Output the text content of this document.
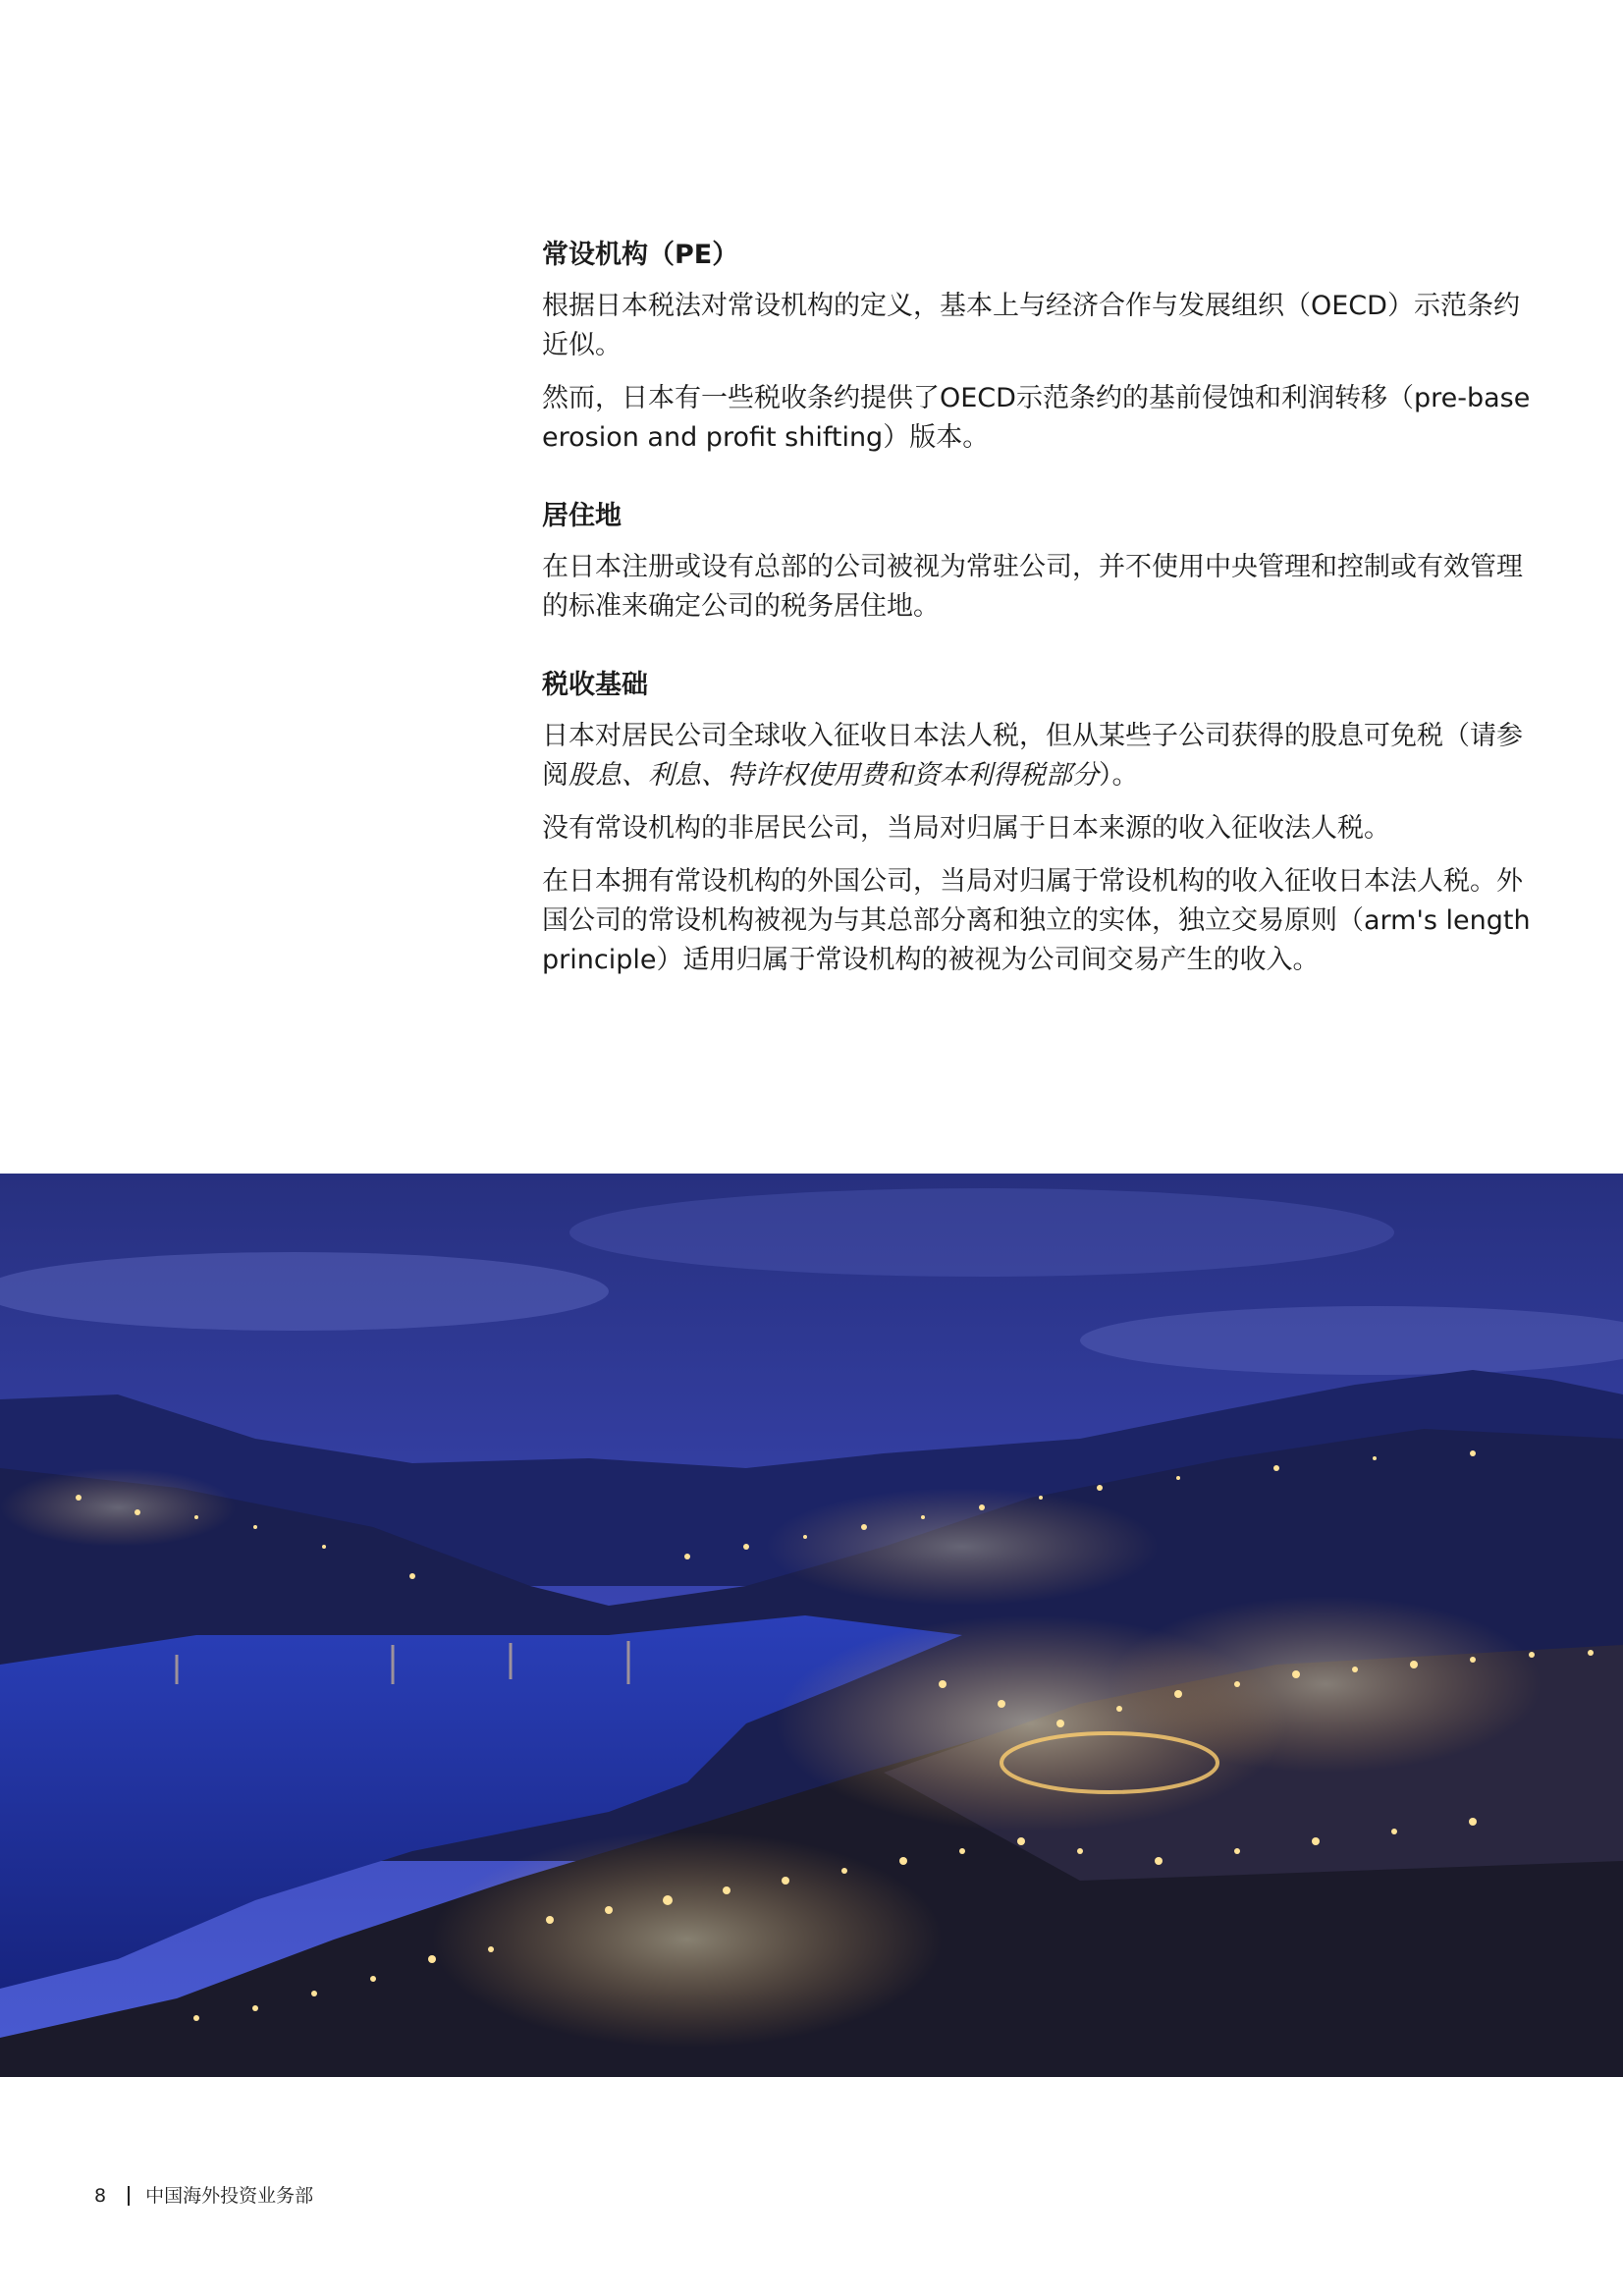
常设机构（PE）

根据日本税法对常设机构的定义，基本上与经济合作与发展组织（OECD）示范条约近似。

然而，日本有一些税收条约提供了OECD示范条约的基前侵蚀和利润转移（pre-base erosion and profit shifting）版本。

居住地

在日本注册或设有总部的公司被视为常驻公司，并不使用中央管理和控制或有效管理的标准来确定公司的税务居住地。

税收基础

日本对居民公司全球收入征收日本法人税，但从某些子公司获得的股息可免税（请参阅股息、利息、特许权使用费和资本利得税部分）。

没有常设机构的非居民公司，当局对归属于日本来源的收入征收法人税。

在日本拥有常设机构的外国公司，当局对归属于常设机构的收入征收日本法人税。外国公司的常设机构被视为与其总部分离和独立的实体，独立交易原则（arm's length principle）适用归属于常设机构的被视为公司间交易产生的收入。

8 中国海外投资业务部
